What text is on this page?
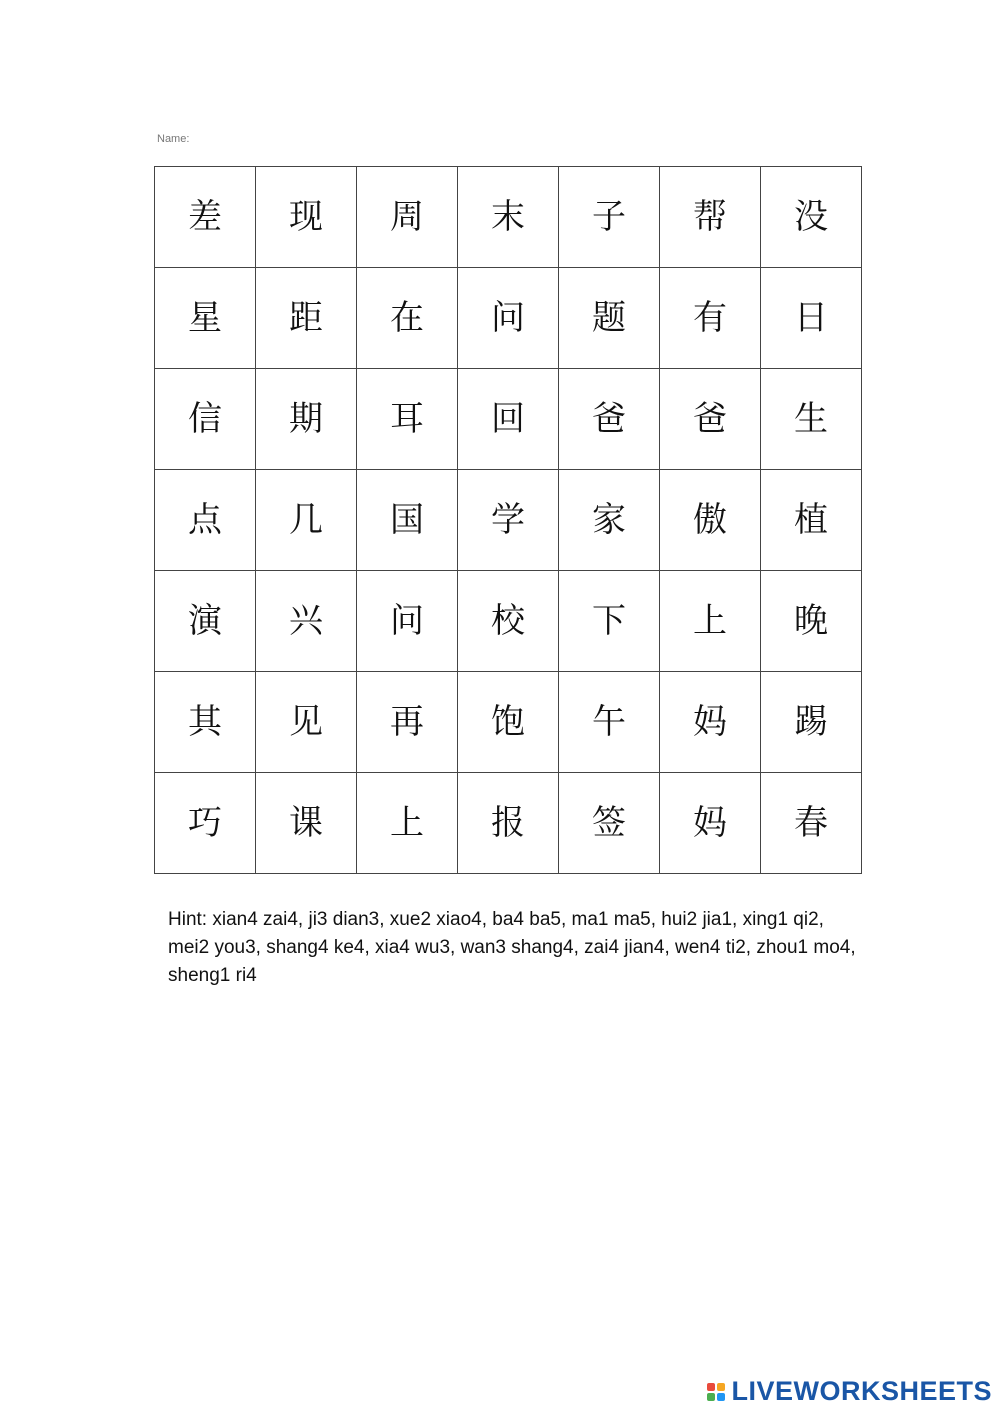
Name:
差	现	周	末	子	帮	没
星	距	在	问	题	有	日
信	期	耳	回	爸	爸	生
点	几	国	学	家	傲	植
演	兴	问	校	下	上	晚
其	见	再	饱	午	妈	踢
巧	课	上	报	签	妈	春
Hint: xian4 zai4, ji3 dian3, xue2 xiao4, ba4 ba5, ma1 ma5, hui2 jia1, xing1 qi2, mei2 you3, shang4 ke4, xia4 wu3, wan3 shang4, zai4 jian4, wen4 ti2, zhou1 mo4, sheng1 ri4
LIVEWORKSHEETS
